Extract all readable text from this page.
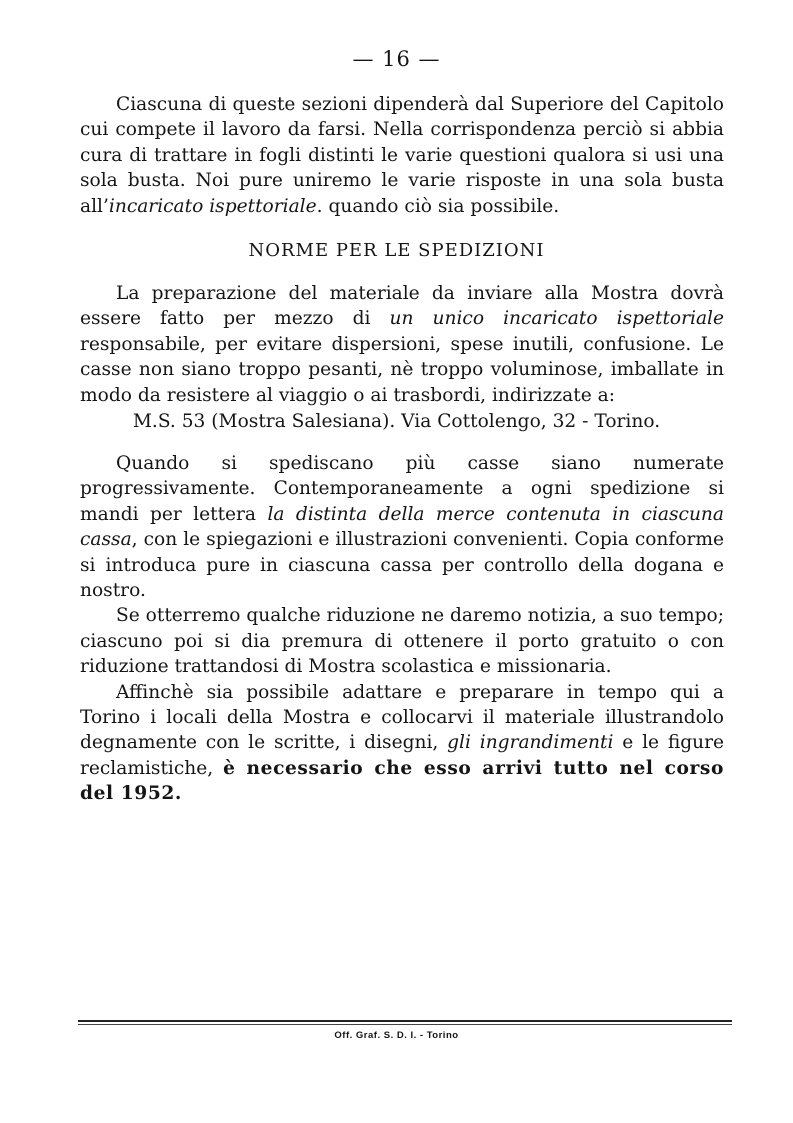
— 16 —

Ciascuna di queste sezioni dipenderà dal Superiore del Capitolo cui compete il lavoro da farsi. Nella corrispondenza perciò si abbia cura di trattare in fogli distinti le varie questioni qualora si usi una sola busta. Noi pure uniremo le varie risposte in una sola busta all’incaricato ispettoriale. quando ciò sia possibile.

NORME PER LE SPEDIZIONI

La preparazione del materiale da inviare alla Mostra dovrà essere fatto per mezzo di un unico incaricato ispettoriale responsabile, per evitare dispersioni, spese inutili, confusione. Le casse non siano troppo pesanti, nè troppo voluminose, imballate in modo da resistere al viaggio o ai trasbordi, indirizzate a:

M.S. 53 (Mostra Salesiana). Via Cottolengo, 32 - Torino.

Quando si spediscano più casse siano numerate progressivamente. Contemporaneamente a ogni spedizione si mandi per lettera la distinta della merce contenuta in ciascuna cassa, con le spiegazioni e illustrazioni convenienti. Copia conforme si introduca pure in ciascuna cassa per controllo della dogana e nostro.

Se otterremo qualche riduzione ne daremo notizia, a suo tempo; ciascuno poi si dia premura di ottenere il porto gratuito o con riduzione trattandosi di Mostra scolastica e missionaria.

Affinchè sia possibile adattare e preparare in tempo qui a Torino i locali della Mostra e collocarvi il materiale illustrandolo degnamente con le scritte, i disegni, gli ingrandimenti e le figure reclamistiche, è necessario che esso arrivi tutto nel corso del 1952.

Off. Graf. S. D. I. - Torino
